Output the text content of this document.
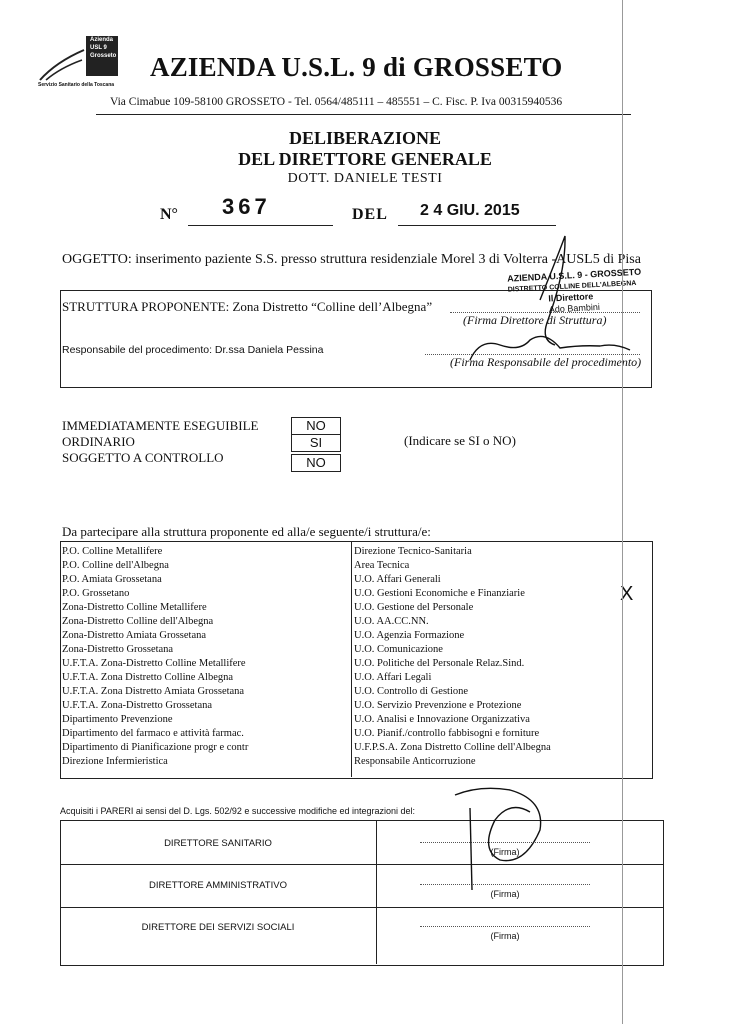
Azienda
USL 9
Grosseto
Servizio Sanitario della Toscana
AZIENDA U.S.L. 9 di GROSSETO
Via Cimabue 109-58100 GROSSETO - Tel. 0564/485111 – 485551 – C. Fisc. P. Iva 00315940536
DELIBERAZIONE
DEL DIRETTORE GENERALE
DOTT. DANIELE TESTI
N° 367	DEL 2 4 GIU. 2015
OGGETTO: inserimento paziente S.S. presso struttura residenziale Morel 3 di Volterra -AUSL5 di Pisa
STRUTTURA PROPONENTE: Zona Distretto “Colline dell’Albegna”
Responsabile del procedimento: Dr.ssa Daniela Pessina
AZIENDA U.S.L. 9 - GROSSETO
DISTRETTO COLLINE DELL'ALBEGNA
Il Direttore
Ado Bambini
(Firma Direttore di Struttura)
(Firma Responsabile del procedimento)
IMMEDIATAMENTE ESEGUIBILE
ORDINARIO
SOGGETTO A CONTROLLO
NO
SI
NO
(Indicare se SI o NO)
Da partecipare alla struttura proponente ed alla/e seguente/i struttura/e:
P.O. Colline Metallifere
P.O. Colline dell'Albegna
P.O. Amiata Grossetana
P.O. Grossetano
Zona-Distretto Colline Metallifere
Zona-Distretto Colline dell'Albegna
Zona-Distretto Amiata Grossetana
Zona-Distretto Grossetana
U.F.T.A. Zona-Distretto Colline Metallifere
U.F.T.A. Zona Distretto Colline Albegna
U.F.T.A. Zona Distretto Amiata Grossetana
U.F.T.A. Zona-Distretto Grossetana
Dipartimento Prevenzione
Dipartimento del farmaco e attività farmac.
Dipartimento di Pianificazione progr e contr
Direzione Infermieristica
Direzione Tecnico-Sanitaria
Area Tecnica
U.O. Affari Generali
U.O. Gestioni Economiche e Finanziarie
U.O. Gestione del Personale
U.O. AA.CC.NN.
U.O. Agenzia Formazione
U.O. Comunicazione
U.O. Politiche del Personale Relaz.Sind.
U.O. Affari Legali
U.O. Controllo di Gestione
U.O. Servizio Prevenzione e Protezione
U.O. Analisi e Innovazione Organizzativa
U.O. Pianif./controllo fabbisogni e forniture
U.F.P.S.A. Zona Distretto Colline dell'Albegna
Responsabile Anticorruzione
X
Acquisiti i PARERI ai sensi del D. Lgs. 502/92 e successive modifiche ed integrazioni del:
DIRETTORE SANITARIO
DIRETTORE AMMINISTRATIVO
DIRETTORE DEI SERVIZI SOCIALI
(Firma)
(Firma)
(Firma)
